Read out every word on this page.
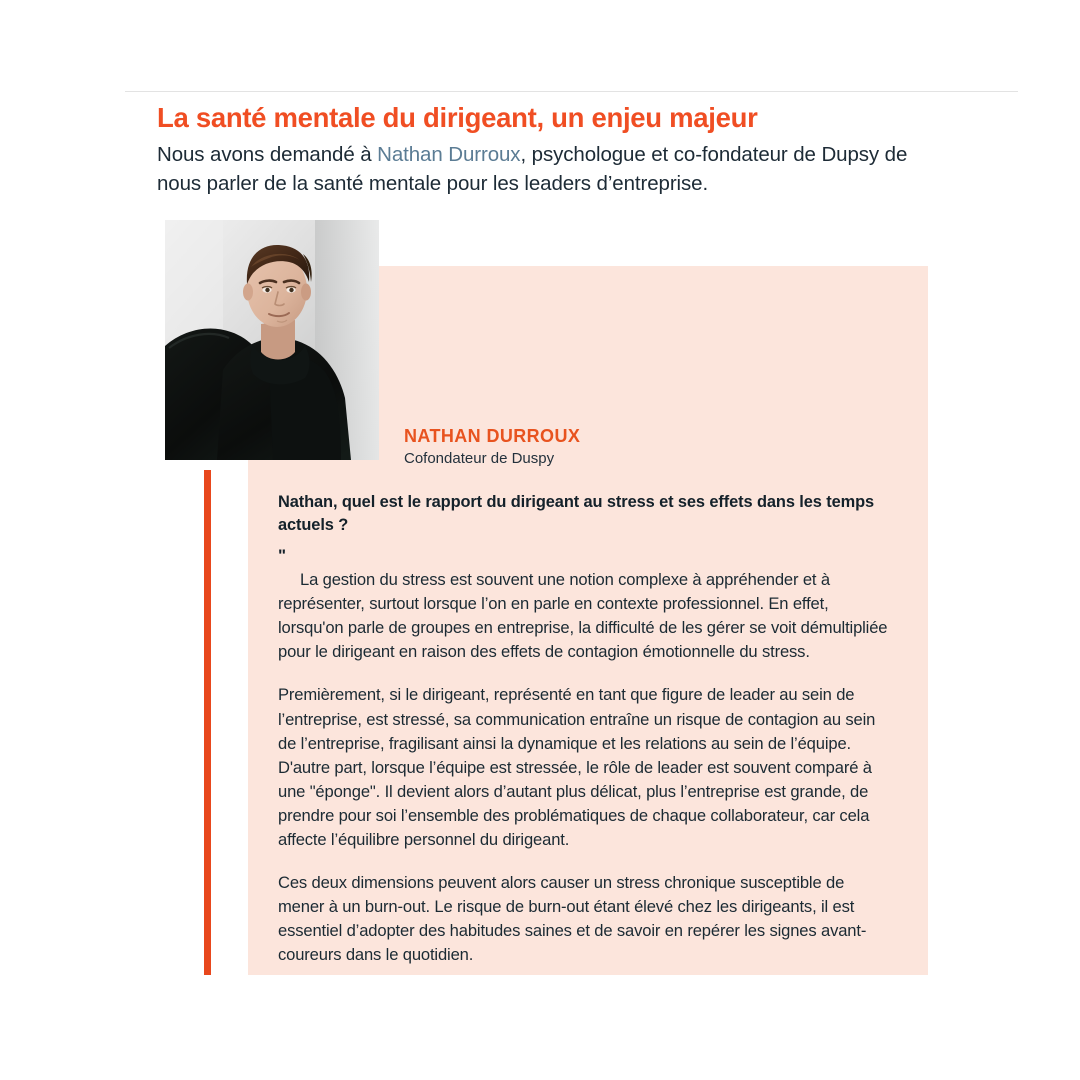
La santé mentale du dirigeant, un enjeu majeur

Nous avons demandé à Nathan Durroux, psychologue et co-fondateur de Dupsy de nous parler de la santé mentale pour les leaders d’entreprise.

NATHAN DURROUX

Cofondateur de Duspy

Nathan, quel est le rapport du dirigeant au stress et ses effets dans les temps actuels ?

"

La gestion du stress est souvent une notion complexe à appréhender et à représenter, surtout lorsque l’on en parle en contexte professionnel. En effet, lorsqu'on parle de groupes en entreprise, la difficulté de les gérer se voit démultipliée pour le dirigeant en raison des effets de contagion émotionnelle du stress.

Premièrement, si le dirigeant, représenté en tant que figure de leader au sein de l’entreprise, est stressé, sa communication entraîne un risque de contagion au sein de l’entreprise, fragilisant ainsi la dynamique et les relations au sein de l’équipe. D'autre part, lorsque l’équipe est stressée, le rôle de leader est souvent comparé à une "éponge". Il devient alors d’autant plus délicat, plus l’entreprise est grande, de prendre pour soi l’ensemble des problématiques de chaque collaborateur, car cela affecte l’équilibre personnel du dirigeant.

Ces deux dimensions peuvent alors causer un stress chronique susceptible de mener à un burn-out. Le risque de burn-out étant élevé chez les dirigeants, il est essentiel d’adopter des habitudes saines et de savoir en repérer les signes avant-coureurs dans le quotidien.
